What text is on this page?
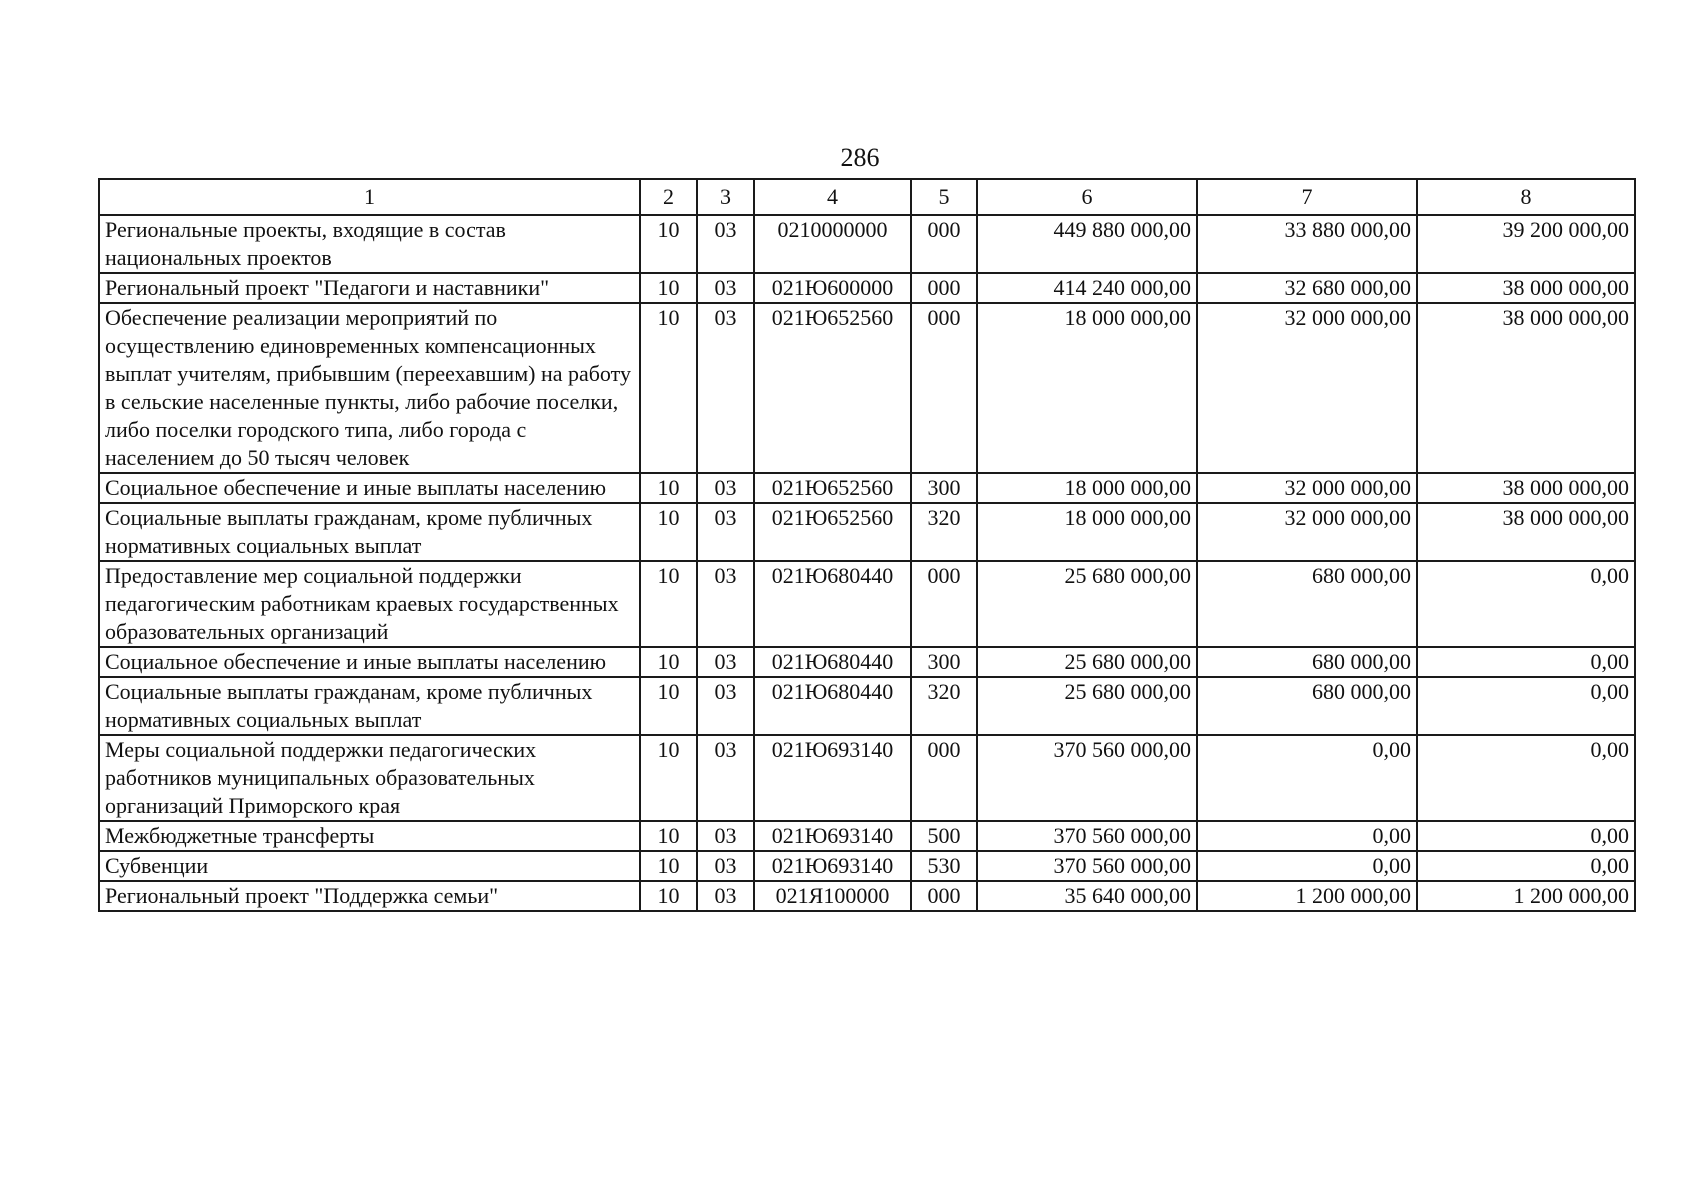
286
1	2	3	4	5	6	7	8
Региональные проекты, входящие в состав национальных проектов	10	03	0210000000	000	449 880 000,00	33 880 000,00	39 200 000,00

Региональный проект "Педагоги и наставники"	10	03	021Ю600000	000	414 240 000,00	32 680 000,00	38 000 000,00

Обеспечение реализации мероприятий по осуществлению единовременных компенсационных выплат учителям, прибывшим (переехавшим) на работу в сельские населенные пункты, либо рабочие поселки, либо поселки городского типа, либо города с населением до 50 тысяч человек	10	03	021Ю652560	000	18 000 000,00	32 000 000,00	38 000 000,00

Социальное обеспечение и иные выплаты населению	10	03	021Ю652560	300	18 000 000,00	32 000 000,00	38 000 000,00

Социальные выплаты гражданам, кроме публичных нормативных социальных выплат	10	03	021Ю652560	320	18 000 000,00	32 000 000,00	38 000 000,00

Предоставление мер социальной поддержки педагогическим работникам краевых государственных образовательных организаций	10	03	021Ю680440	000	25 680 000,00	680 000,00	0,00

Социальное обеспечение и иные выплаты населению	10	03	021Ю680440	300	25 680 000,00	680 000,00	0,00

Социальные выплаты гражданам, кроме публичных нормативных социальных выплат	10	03	021Ю680440	320	25 680 000,00	680 000,00	0,00

Меры социальной поддержки педагогических работников муниципальных образовательных организаций Приморского края	10	03	021Ю693140	000	370 560 000,00	0,00	0,00

Межбюджетные трансферты	10	03	021Ю693140	500	370 560 000,00	0,00	0,00

Субвенции	10	03	021Ю693140	530	370 560 000,00	0,00	0,00

Региональный проект "Поддержка семьи"	10	03	021Я100000	000	35 640 000,00	1 200 000,00	1 200 000,00
